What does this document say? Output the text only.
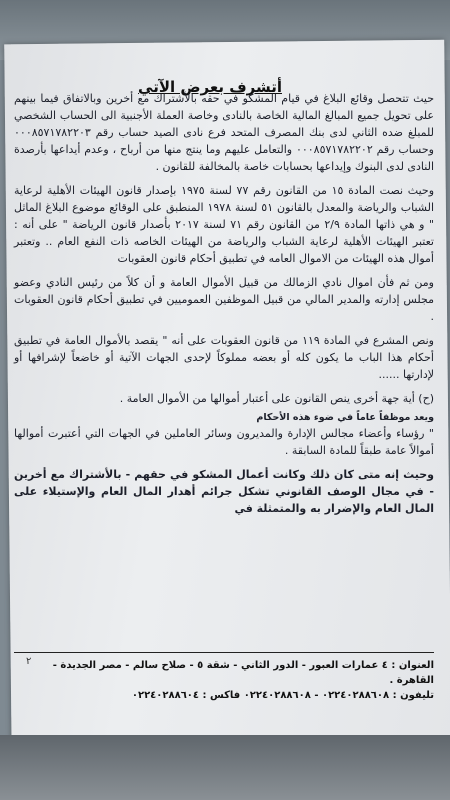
أتشرف بعرض الآتي

حيث تتحصل وقائع البلاغ في قيام المشكو في حقه بالأشتراك مع أخرين وبالاتفاق فيما بينهم على تحويل جميع المبالغ المالية الخاصة بالنادى وخاصة العملة الأجنبية الى الحساب الشخصي للمبلغ ضده الثاني لدى بنك المصرف المتحد فرع نادى الصيد حساب رقم ٠٠٠٨٥٧١٧٨٢٢٠٣ وحساب رقم ٠٠٠٨٥٧١٧٨٢٢٠٢ والتعامل عليهم وما ينتج منها من أرباح ، وعدم أيداعها بأرصدة النادى لدى البنوك وإيداعها بحسابات خاصة بالمخالفة للقانون .

وحيث نصت المادة ١٥ من القانون رقم ٧٧ لسنة ١٩٧٥ بإصدار قانون الهيئات الأهلية لرعاية الشباب والرياضة والمعدل بالقانون ٥١ لسنة ١٩٧٨ المنطبق على الوقائع موضوع البلاغ الماثل " و هي ذاتها المادة ٢/٩ من القانون رقم ٧١ لسنة ٢٠١٧ بأصدار قانون الرياضة " على أنه : تعتبر الهيئات الأهلية لرعاية الشباب والرياضة من الهيئات الخاصه ذات النفع العام .. وتعتبر أموال هذه الهيئات من الاموال العامه في تطبيق أحكام قانون العقوبات

ومن ثم فأن اموال نادي الزمالك من قبيل الأموال العامة و أن كلاً من رئيس النادي وعضو مجلس إدارته والمدير المالي من قبيل الموظفين العموميين في تطبيق أحكام قانون العقوبات .

ونص المشرع في المادة ١١٩ من قانون العقوبات على أنه " يقصد بالأموال العامة في تطبيق أحكام هذا الباب ما يكون كله أو بعضه مملوكاً لإحدى الجهات الآتية أو خاضعاً لإشرافها أو لإدارتها ......

(ح) أية جهة أخرى ينص القانون على أعتبار أموالها من الأموال العامة .

ويعد موظفاً عاماً في ضوء هذه الأحكام

" رؤساء وأعضاء مجالس الإدارة والمديرون وسائر العاملين في الجهات التي أعتبرت أموالها أموالاً عامة طبقاً للمادة السابقة .

وحيث إنه متى كان ذلك وكانت أعمال المشكو في حقهم - بالأشتراك مع أخرين - في مجال الوصف القانوني تشكل جرائم أهدار المال العام والإستيلاء على المال العام والإضرار به والمتمثلة في

العنوان : ٤ عمارات العبور - الدور الثاني - شقة ٥ - صلاح سالم - مصر الجديدة - القاهرة .
تليفون : ٠٢٢٤٠٢٨٨٦٠٨ - ٠٢٢٤٠٢٨٨٦٠٨ فاكس : ٠٢٢٤٠٢٨٨٦٠٤
٢
